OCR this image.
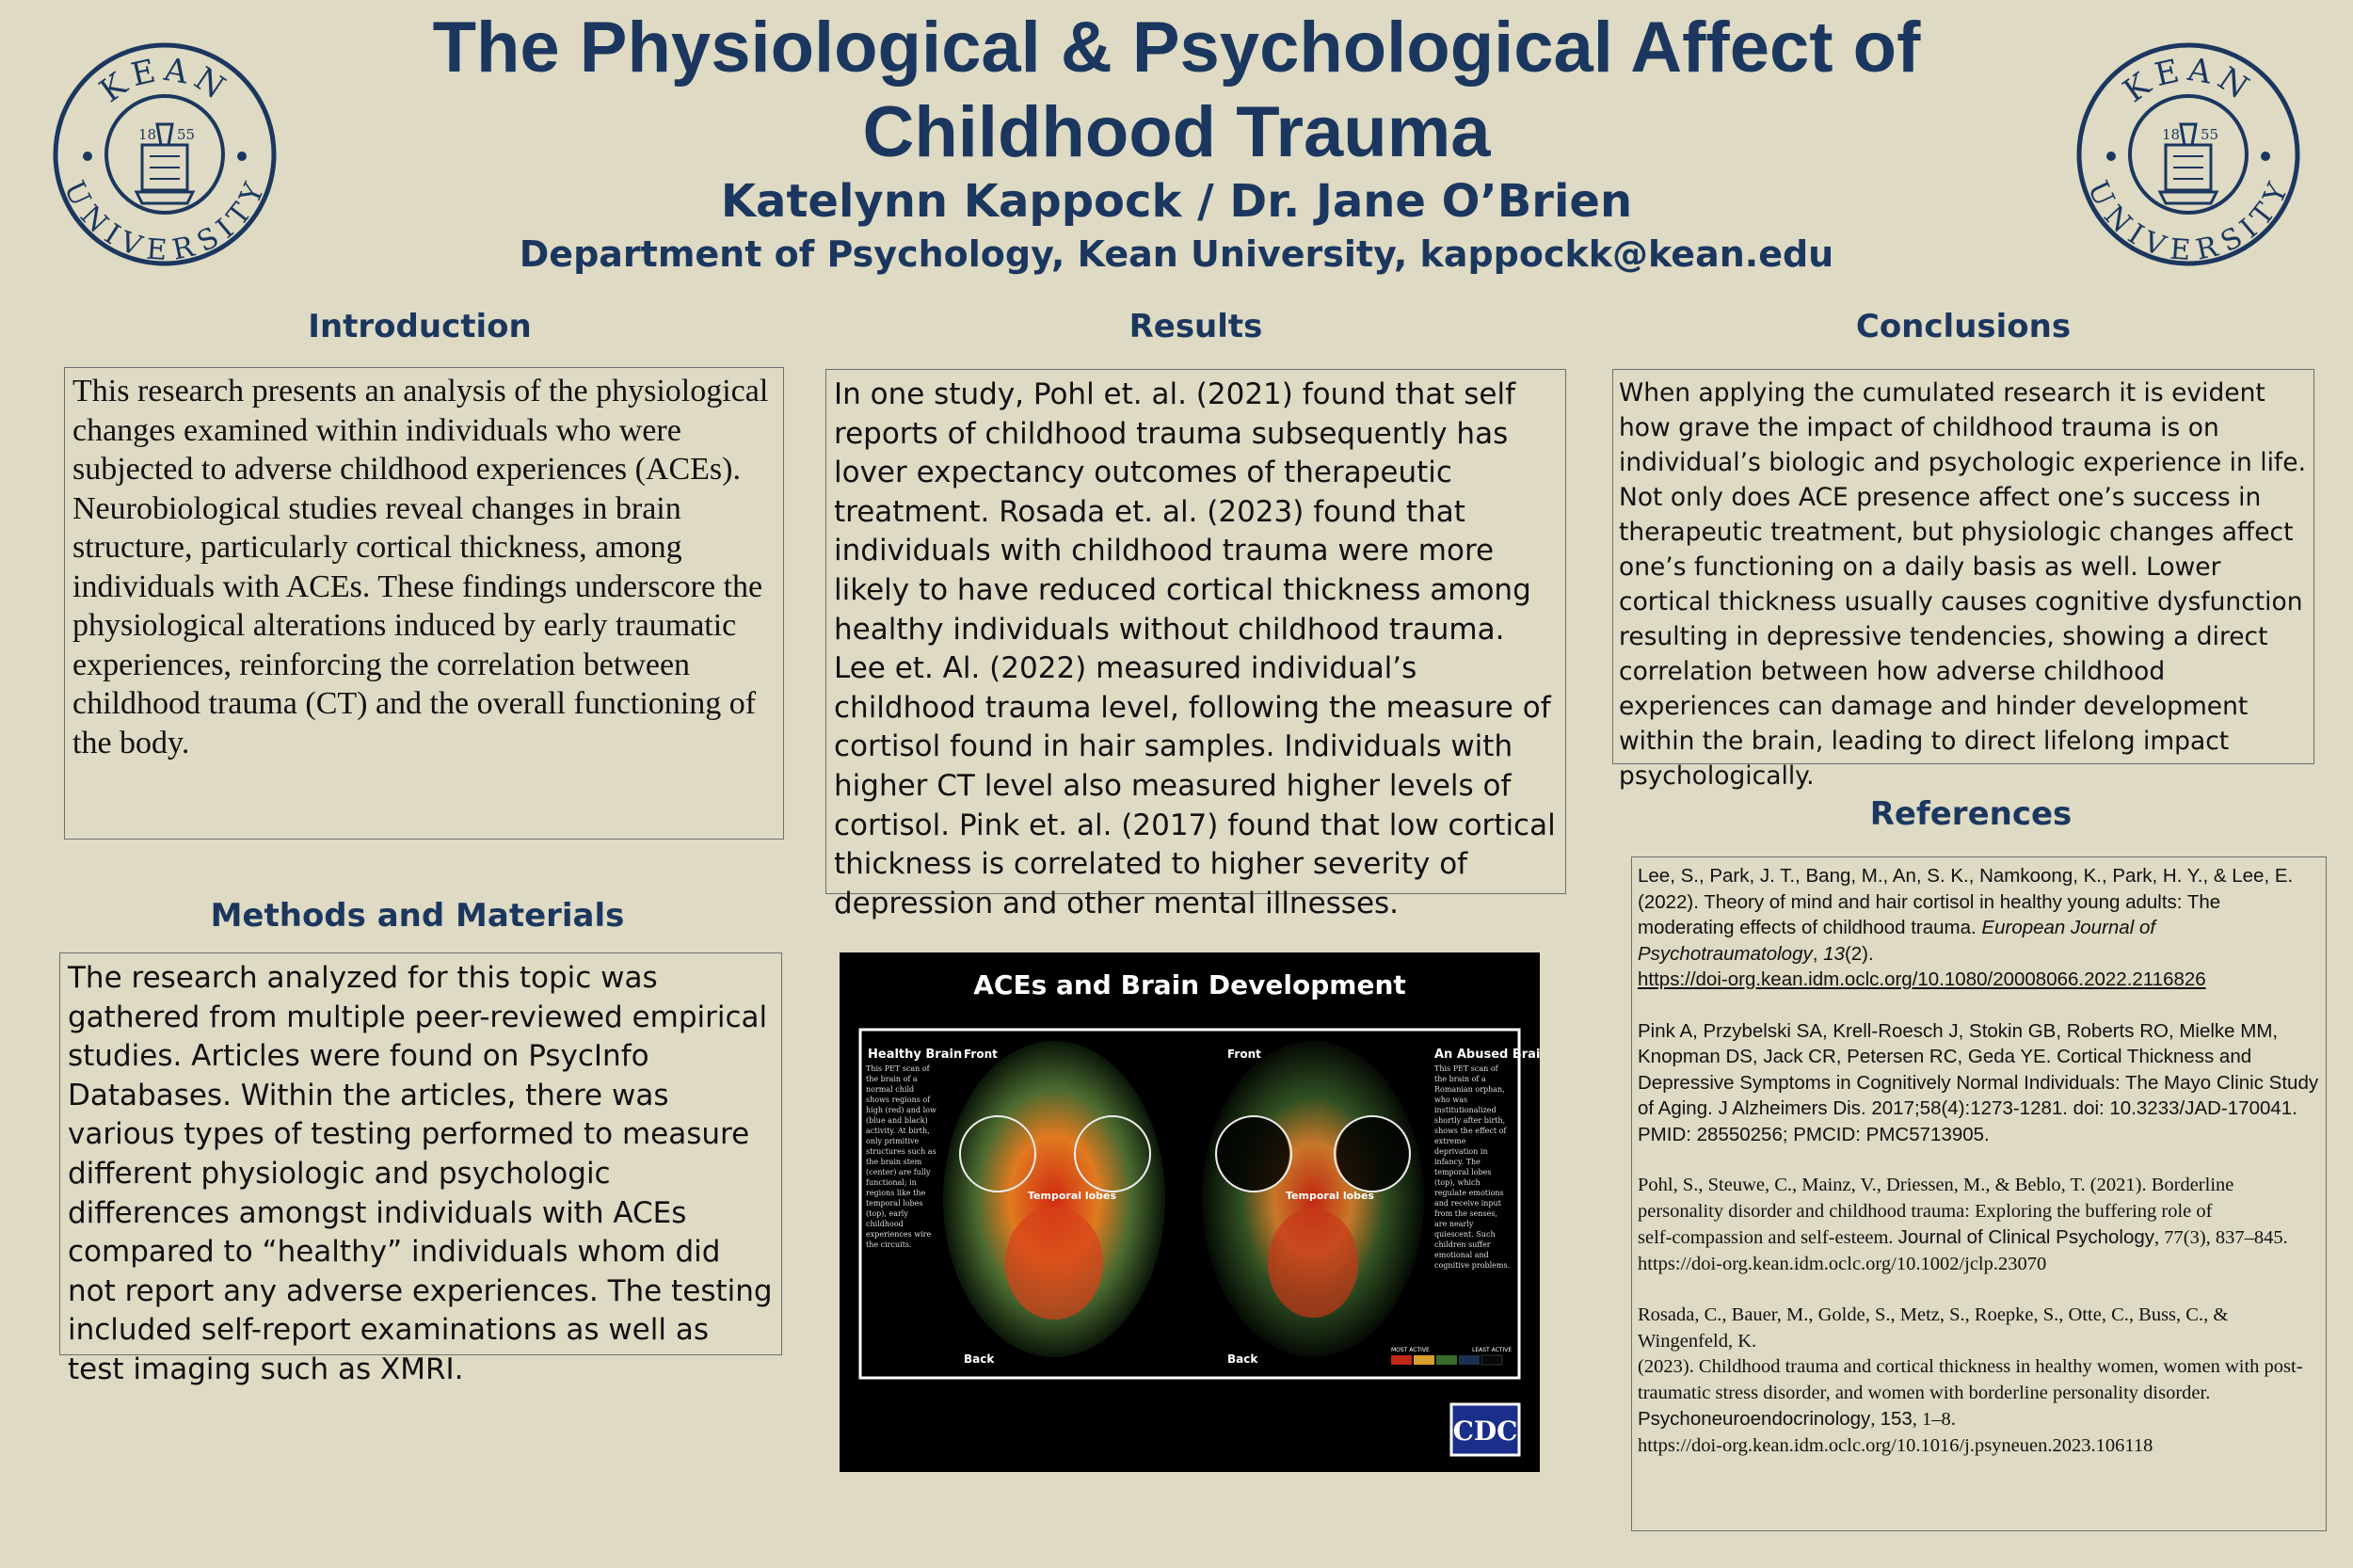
The Physiological & Psychological Affect of
Childhood Trauma
Katelynn Kappock / Dr. Jane O’Brien
Department of Psychology, Kean University, kappockk@kean.edu
KEAN
UNIVERSITY
18 55
KEAN
UNIVERSITY
18 55
Introduction
This research presents an analysis of the physiological changes examined within individuals who were subjected to adverse childhood experiences (ACEs). Neurobiological studies reveal changes in brain structure, particularly cortical thickness, among individuals with ACEs. These findings underscore the physiological alterations induced by early traumatic experiences, reinforcing the correlation between childhood trauma (CT) and the overall functioning of the body.
Methods and Materials
The research analyzed for this topic was gathered from multiple peer-reviewed empirical studies. Articles were found on PsycInfo Databases. Within the articles, there was various types of testing performed to measure different physiologic and psychologic differences amongst individuals with ACEs compared to “healthy” individuals whom did not report any adverse experiences. The testing included self-report examinations as well as test imaging such as XMRI.
Results
In one study, Pohl et. al. (2021) found that self reports of childhood trauma subsequently has lover expectancy outcomes of therapeutic treatment. Rosada et. al. (2023) found that individuals with childhood trauma were more likely to have reduced cortical thickness among healthy individuals without childhood trauma. Lee et. Al. (2022) measured individual’s childhood trauma level, following the measure of cortisol found in hair samples. Individuals with higher CT level also measured higher levels of cortisol. Pink et. al. (2017) found that low cortical thickness is correlated to higher severity of depression and other mental illnesses.
ACEs and Brain Development
Healthy Brain Front	Front
Back	Back
Temporal lobes	Temporal lobes
An Abused Brain
This PET scan of the brain of a normal child shows regions of high (red) and low (blue and black) activity. At birth, only primitive structures such as the brain stem (center) are fully functional; in regions like the temporal lobes (top), early childhood experiences wire the circuits.
This PET scan of the brain of a Romanian orphan, who was institutionalized shortly after birth, shows the effect of extreme deprivation in infancy. The temporal lobes (top), which regulate emotions and receive input from the senses, are nearly quiescent. Such children suffer emotional and cognitive problems.
MOST ACTIVE	LEAST ACTIVE
CDC
Conclusions
When applying the cumulated research it is evident how grave the impact of childhood trauma is on individual’s biologic and psychologic experience in life. Not only does ACE presence affect one’s success in therapeutic treatment, but physiologic changes affect one’s functioning on a daily basis as well. Lower cortical thickness usually causes cognitive dysfunction resulting in depressive tendencies, showing a direct correlation between how adverse childhood experiences can damage and hinder development within the brain, leading to direct lifelong impact psychologically.
References

Lee, S., Park, J. T., Bang, M., An, S. K., Namkoong, K., Park, H. Y., & Lee, E. (2022). Theory of mind and hair cortisol in healthy young adults: The moderating effects of childhood trauma. European Journal of Psychotraumatology, 13(2).
https://doi-org.kean.idm.oclc.org/10.1080/20008066.2022.2116826

Pink A, Przybelski SA, Krell-Roesch J, Stokin GB, Roberts RO, Mielke MM, Knopman DS, Jack CR, Petersen RC, Geda YE. Cortical Thickness and Depressive Symptoms in Cognitively Normal Individuals: The Mayo Clinic Study of Aging. J Alzheimers Dis. 2017;58(4):1273-1281. doi: 10.3233/JAD-170041. PMID: 28550256; PMCID: PMC5713905.

Pohl, S., Steuwe, C., Mainz, V., Driessen, M., & Beblo, T. (2021). Borderline personality disorder and childhood trauma: Exploring the buffering role of self‑compassion and self‑esteem. Journal of Clinical Psychology, 77(3), 837–845.
https://doi-org.kean.idm.oclc.org/10.1002/jclp.23070

Rosada, C., Bauer, M., Golde, S., Metz, S., Roepke, S., Otte, C., Buss, C., & Wingenfeld, K.
(2023). Childhood trauma and cortical thickness in healthy women, women with post-traumatic stress disorder, and women with borderline personality disorder. Psychoneuroendocrinology, 153, 1–8.
https://doi-org.kean.idm.oclc.org/10.1016/j.psyneuen.2023.106118
